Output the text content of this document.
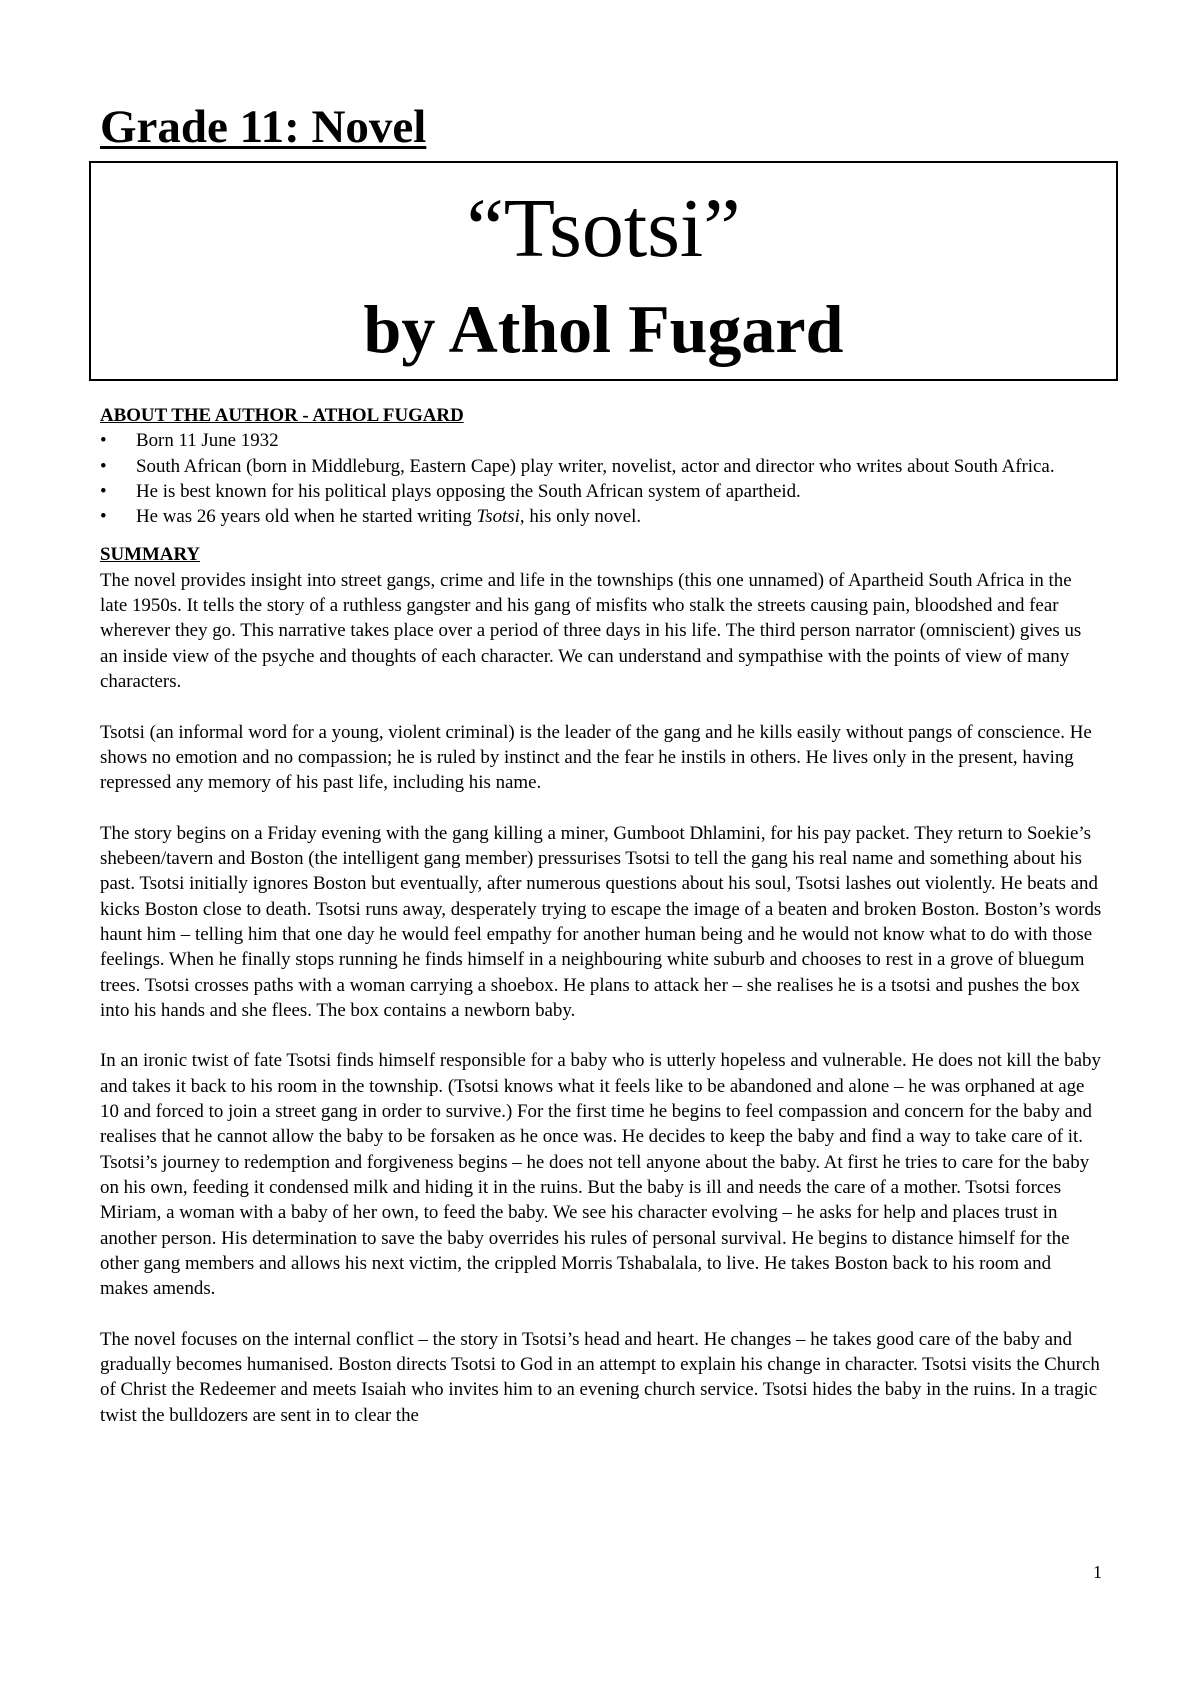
Grade 11: Novel
“Tsotsi”
by Athol Fugard
ABOUT THE AUTHOR - ATHOL FUGARD
• Born 11 June 1932
• South African (born in Middleburg, Eastern Cape) play writer, novelist, actor and director who writes about South Africa.
• He is best known for his political plays opposing the South African system of apartheid.
• He was 26 years old when he started writing Tsotsi, his only novel.
SUMMARY

The novel provides insight into street gangs, crime and life in the townships (this one unnamed) of Apartheid South Africa in the late 1950s. It tells the story of a ruthless gangster and his gang of misfits who stalk the streets causing pain, bloodshed and fear wherever they go. This narrative takes place over a period of three days in his life. The third person narrator (omniscient) gives us an inside view of the psyche and thoughts of each character. We can understand and sympathise with the points of view of many characters.

Tsotsi (an informal word for a young, violent criminal) is the leader of the gang and he kills easily without pangs of conscience. He shows no emotion and no compassion; he is ruled by instinct and the fear he instils in others. He lives only in the present, having repressed any memory of his past life, including his name.

The story begins on a Friday evening with the gang killing a miner, Gumboot Dhlamini, for his pay packet. They return to Soekie’s shebeen/tavern and Boston (the intelligent gang member) pressurises Tsotsi to tell the gang his real name and something about his past. Tsotsi initially ignores Boston but eventually, after numerous questions about his soul, Tsotsi lashes out violently. He beats and kicks Boston close to death. Tsotsi runs away, desperately trying to escape the image of a beaten and broken Boston. Boston’s words haunt him – telling him that one day he would feel empathy for another human being and he would not know what to do with those feelings. When he finally stops running he finds himself in a neighbouring white suburb and chooses to rest in a grove of bluegum trees. Tsotsi crosses paths with a woman carrying a shoebox. He plans to attack her – she realises he is a tsotsi and pushes the box into his hands and she flees. The box contains a newborn baby.

In an ironic twist of fate Tsotsi finds himself responsible for a baby who is utterly hopeless and vulnerable. He does not kill the baby and takes it back to his room in the township. (Tsotsi knows what it feels like to be abandoned and alone – he was orphaned at age 10 and forced to join a street gang in order to survive.) For the first time he begins to feel compassion and concern for the baby and realises that he cannot allow the baby to be forsaken as he once was. He decides to keep the baby and find a way to take care of it.

Tsotsi’s journey to redemption and forgiveness begins – he does not tell anyone about the baby. At first he tries to care for the baby on his own, feeding it condensed milk and hiding it in the ruins. But the baby is ill and needs the care of a mother. Tsotsi forces Miriam, a woman with a baby of her own, to feed the baby. We see his character evolving – he asks for help and places trust in another person. His determination to save the baby overrides his rules of personal survival. He begins to distance himself for the other gang members and allows his next victim, the crippled Morris Tshabalala, to live. He takes Boston back to his room and makes amends.

The novel focuses on the internal conflict – the story in Tsotsi’s head and heart. He changes – he takes good care of the baby and gradually becomes humanised. Boston directs Tsotsi to God in an attempt to explain his change in character. Tsotsi visits the Church of Christ the Redeemer and meets Isaiah who invites him to an evening church service. Tsotsi hides the baby in the ruins. In a tragic twist the bulldozers are sent in to clear the

1
